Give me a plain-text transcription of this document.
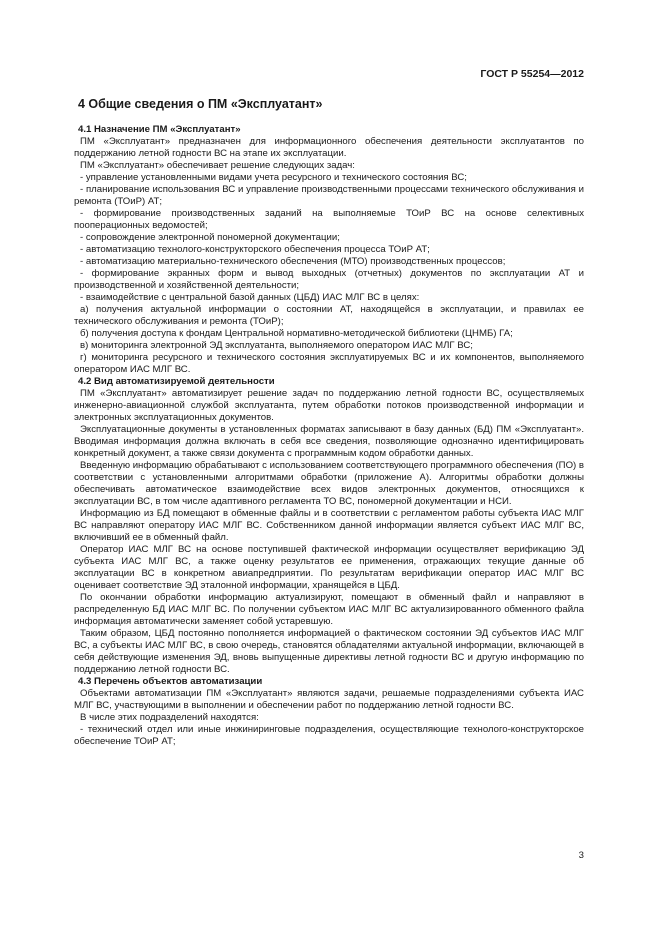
ГОСТ Р 55254—2012
4 Общие сведения о ПМ «Эксплуатант»
4.1 Назначение ПМ «Эксплуатант»

ПМ «Эксплуатант» предназначен для информационного обеспечения деятельности эксплуатантов по поддержанию летной годности ВС на этапе их эксплуатации.

ПМ «Эксплуатант» обеспечивает решение следующих задач:

- управление установленными видами учета ресурсного и технического состояния ВС;

- планирование использования ВС и управление производственными процессами технического обслуживания и ремонта (ТОиР) АТ;

- формирование производственных заданий на выполняемые ТОиР ВС на основе селективных пооперационных ведомостей;

- сопровождение электронной пономерной документации;

- автоматизацию технолого-конструкторского обеспечения процесса ТОиР АТ;

- автоматизацию материально-технического обеспечения (МТО) производственных процессов;

- формирование экранных форм и вывод выходных (отчетных) документов по эксплуатации АТ и производственной и хозяйственной деятельности;

- взаимодействие с центральной базой данных (ЦБД) ИАС МЛГ ВС в целях:

а) получения актуальной информации о состоянии АТ, находящейся в эксплуатации, и правилах ее технического обслуживания и ремонта (ТОиР);

б) получения доступа к фондам Центральной нормативно-методической библиотеки (ЦНМБ) ГА;

в) мониторинга электронной ЭД эксплуатанта, выполняемого оператором ИАС МЛГ ВС;

г) мониторинга ресурсного и технического состояния эксплуатируемых ВС и их компонентов, выполняемого оператором ИАС МЛГ ВС.

4.2 Вид автоматизируемой деятельности

ПМ «Эксплуатант» автоматизирует решение задач по поддержанию летной годности ВС, осуществляемых инженерно-авиационной службой эксплуатанта, путем обработки потоков производственной информации и электронных эксплуатационных документов.

Эксплуатационные документы в установленных форматах записывают в базу данных (БД) ПМ «Эксплуатант». Вводимая информация должна включать в себя все сведения, позволяющие однозначно идентифицировать конкретный документ, а также связи документа с программным кодом обработки данных.

Введенную информацию обрабатывают с использованием соответствующего программного обеспечения (ПО) в соответствии с установленными алгоритмами обработки (приложение А). Алгоритмы обработки должны обеспечивать автоматическое взаимодействие всех видов электронных документов, относящихся к эксплуатации ВС, в том числе адаптивного регламента ТО ВС, пономерной документации и НСИ.

Информацию из БД помещают в обменные файлы и в соответствии с регламентом работы субъекта ИАС МЛГ ВС направляют оператору ИАС МЛГ ВС. Собственником данной информации является субъект ИАС МЛГ ВС, включивший ее в обменный файл.

Оператор ИАС МЛГ ВС на основе поступившей фактической информации осуществляет верификацию ЭД субъекта ИАС МЛГ ВС, а также оценку результатов ее применения, отражающих текущие данные об эксплуатации ВС в конкретном авиапредприятии. По результатам верификации оператор ИАС МЛГ ВС оценивает соответствие ЭД эталонной информации, хранящейся в ЦБД.

По окончании обработки информацию актуализируют, помещают в обменный файл и направляют в распределенную БД ИАС МЛГ ВС. По получении субъектом ИАС МЛГ ВС актуализированного обменного файла информация автоматически заменяет собой устаревшую.

Таким образом, ЦБД постоянно пополняется информацией о фактическом состоянии ЭД субъектов ИАС МЛГ ВС, а субъекты ИАС МЛГ ВС, в свою очередь, становятся обладателями актуальной информации, включающей в себя действующие изменения ЭД, вновь выпущенные директивы летной годности ВС и другую информацию по поддержанию летной годности ВС.

4.3 Перечень объектов автоматизации

Объектами автоматизации ПМ «Эксплуатант» являются задачи, решаемые подразделениями субъекта ИАС МЛГ ВС, участвующими в выполнении и обеспечении работ по поддержанию летной годности ВС.

В числе этих подразделений находятся:

- технический отдел или иные инжиниринговые подразделения, осуществляющие технолого-конструкторское обеспечение ТОиР АТ;

3
